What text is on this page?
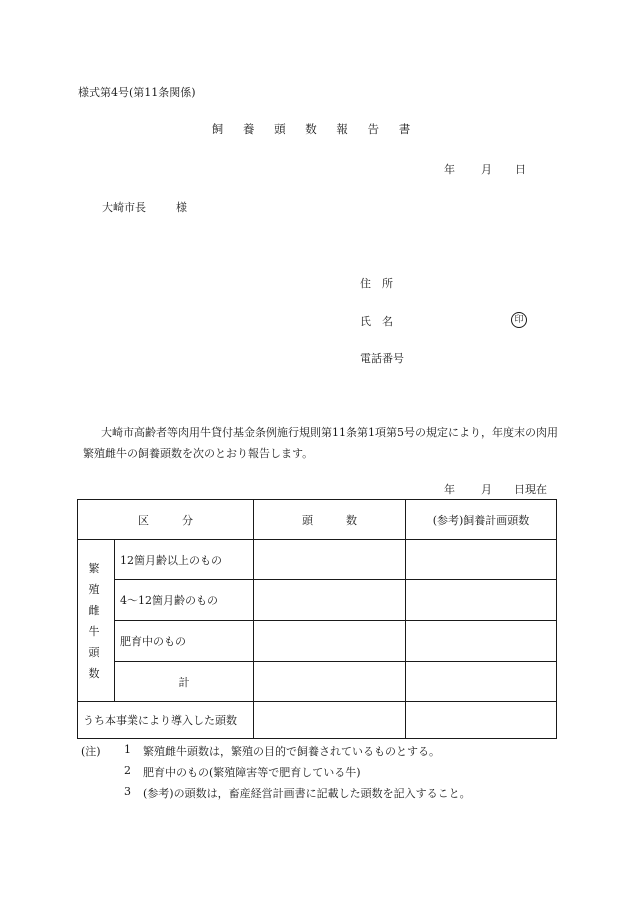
様式第4号(第11条関係)
飼 養 頭 数 報 告 書
年 月 日
大崎市長	様
住　所
氏　名	印
電話番号
大崎市高齢者等肉用牛貸付基金条例施行規則第11条第1項第5号の規定により，年度末の肉用繁殖雌牛の飼養頭数を次のとおり報告します。
年 月 日現在
区　　　分		頭　　　数	(参考)飼養計画頭数

繁 殖
雌 牛
頭 数	12箇月齢以上のもの		
	4〜12箇月齢のもの		
	肥育中のもの		
	計		
うち本事業により導入した頭数			
(注) 1 繁殖雌牛頭数は，繁殖の目的で飼養されているものとする。
2 肥育中のもの(繁殖障害等で肥育している牛)
3 (参考)の頭数は，畜産経営計画書に記載した頭数を記入すること。
